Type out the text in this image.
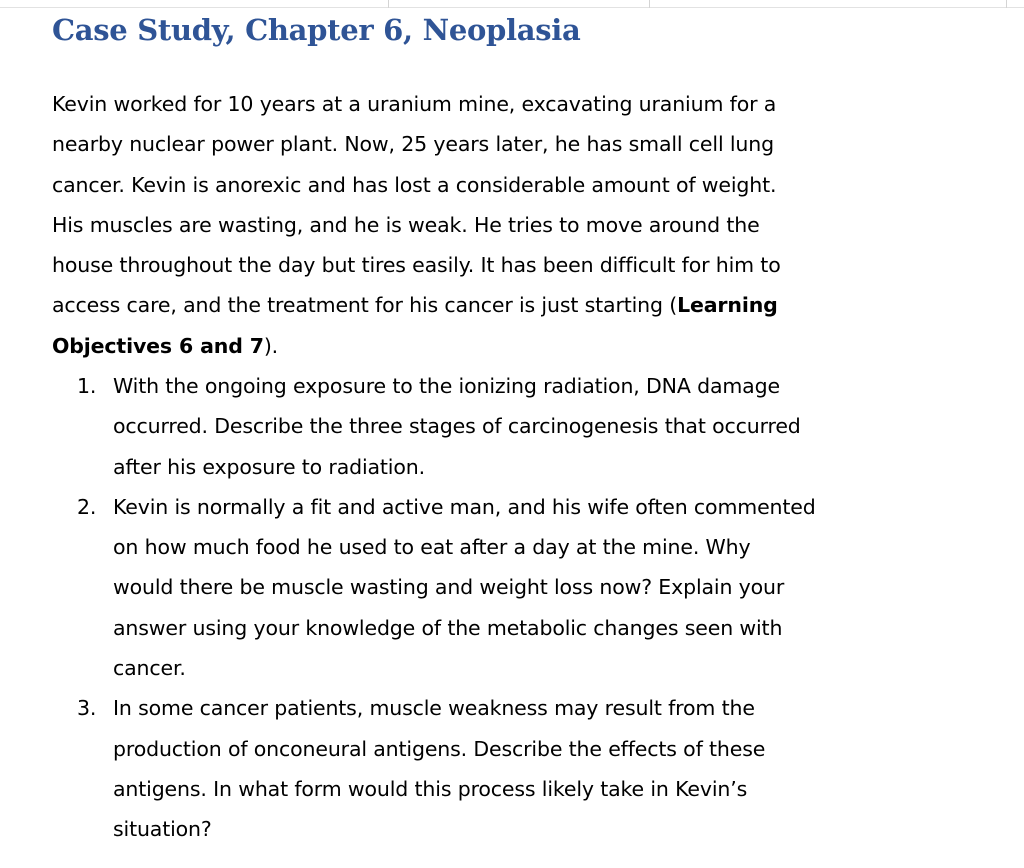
Case Study, Chapter 6, Neoplasia

Kevin worked for 10 years at a uranium mine, excavating uranium for a
nearby nuclear power plant. Now, 25 years later, he has small cell lung
cancer. Kevin is anorexic and has lost a considerable amount of weight.
His muscles are wasting, and he is weak. He tries to move around the
house throughout the day but tires easily. It has been difficult for him to
access care, and the treatment for his cancer is just starting (Learning
Objectives 6 and 7).

1. With the ongoing exposure to the ionizing radiation, DNA damage
occurred. Describe the three stages of carcinogenesis that occurred
after his exposure to radiation.
2. Kevin is normally a fit and active man, and his wife often commented
on how much food he used to eat after a day at the mine. Why
would there be muscle wasting and weight loss now? Explain your
answer using your knowledge of the metabolic changes seen with
cancer.
3. In some cancer patients, muscle weakness may result from the
production of onconeural antigens. Describe the effects of these
antigens. In what form would this process likely take in Kevin’s
situation?
